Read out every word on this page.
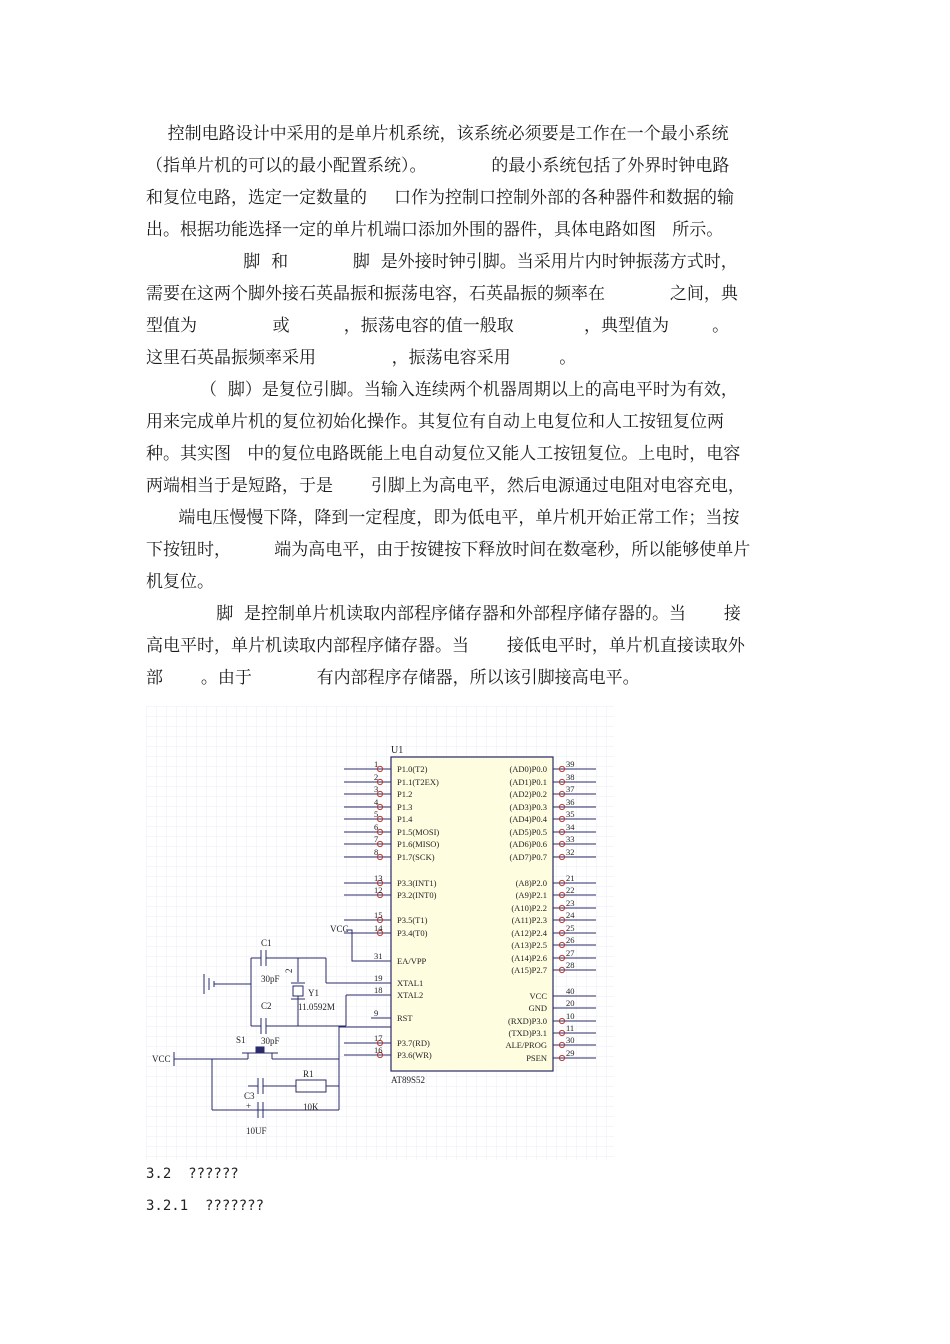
控制电路设计中采用的是单片机系统，该系统必须要是工作在一个最小系统

（指单片机的可以的最小配置系统）。            的最小系统包括了外界时钟电路

和复位电路，选定一定数量的     口作为控制口控制外部的各种器件和数据的输

出。根据功能选择一定的单片机端口添加外围的器件，具体电路如图   所示。

脚  和            脚  是外接时钟引脚。当采用片内时钟振荡方式时，

需要在这两个脚外接石英晶振和振荡电容，石英晶振的频率在            之间，典

型值为              或          ，振荡电容的值一般取             ，典型值为        。

这里石英晶振频率采用              ，振荡电容采用         。

（  脚）是复位引脚。当输入连续两个机器周期以上的高电平时为有效，

用来完成单片机的复位初始化操作。其复位有自动上电复位和人工按钮复位两

种。其实图   中的复位电路既能上电自动复位又能人工按钮复位。上电时，电容

两端相当于是短路，于是       引脚上为高电平，然后电源通过电阻对电容充电，

端电压慢慢下降，降到一定程度，即为低电平，单片机开始正常工作；当按

下按钮时，        端为高电平，由于按键按下释放时间在数毫秒，所以能够使单片

机复位。

脚  是控制单片机读取内部程序储存器和外部程序储存器的。当       接

高电平时，单片机读取内部程序储存器。当       接低电平时，单片机直接读取外

部       。由于            有内部程序存储器，所以该引脚接高电平。

U1
AT89S52
1 P1.0(T2)
2 P1.1(T2EX)
3 P1.2
4 P1.3
5 P1.4
6 P1.5(MOSI)
7 P1.6(MISO)
8 P1.7(SCK)
13 P3.3(INT1)
12 P3.2(INT0)
15 P3.5(T1)
14 P3.4(T0)
31 EA/VPP
19 XTAL1
18 XTAL2
9 RST
17 P3.7(RD)
16 P3.6(WR)
39
(AD0)P0.0
38
(AD1)P0.1
37
(AD2)P0.2
36
(AD3)P0.3
35
(AD4)P0.4
34
(AD5)P0.5
33
(AD6)P0.6
32
(AD7)P0.7
21
(A8)P2.0
22
(A9)P2.1
23
(A10)P2.2
24
(A11)P2.3
25
(A12)P2.4
26
(A13)P2.5
27
(A14)P2.6
28
(A15)P2.7
40
VCC
20
GND
10
(RXD)P3.0
11
(TXD)P3.1
30
ALE/PROG
29
PSEN
VCC
C1
30pF
2
Y1
11.0592M
C2
30pF
VCC
S1
R1
10K
C3
+
10UF
3.2  ??????
3.2.1  ???????
